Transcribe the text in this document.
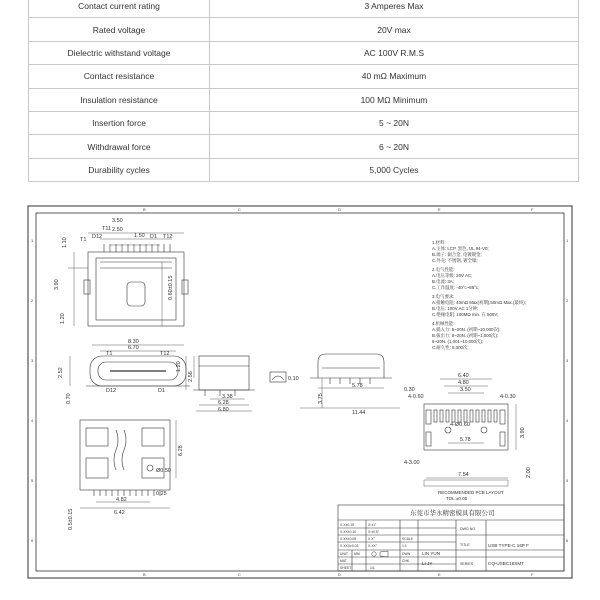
Contact current rating	3 Amperes Max
Rated voltage	20V max
Dielectric withstand voltage	AC 100V R.M.S
Contact resistance	40 mΩ Maximum
Insulation resistance	100 MΩ Minimum
Insertion force	5 ~ 20N
Withdrawal force	6 ~ 20N
Durability cycles	5,000 Cycles
B	C	D	E	F
B	C	D	E	F
1
2
3
4
5
6
1
2
3
4
5
6
3.50
2.50
1.50
T1 D12	D1 T12
T11
1.10
3.90	0.60±0.15
1.20
8.30
6.70
T1	T12
D12	D1
2.52	2.56
1.20
0.70
0.10
3.38
6.28
6.80
5.78
0.30
3.75
11.44
6.28
Ø0.50
4.82
0.25
6.42
0.5±0.15
6.40
4.80
3.50
4-0.60	4-0.30
4-Ø0.60
5.78
3.90
4-3.00
7.54	2.00
RECOMMENDED PCB LAYOUT
TOL:±0.05
1.材料:
A.主体: LCP, 黑色, UL 94-V0;
B.端子: 铜合金, 电镀镀金;
C.外壳: 不锈钢, 镀全镍;
2.电气性能:
A.电压等级: 20V AC;
B.电流: 3A;
C.工作温度: -40°c~85°c;
3.电气要求:
A.接触电阻: 40mΩ Max(初期),50mΩ Max.(最终);
B.电压: 100V AC 1分钟;
C.绝缘电阻: 100MΩ min. 在 500V;
4.机械性能:
A.插入力: 5~20N. (初期~10,000次);
B.拔出力: 8~20N. (初期~1,000次);
6~20N. (1,001~10,000次);
C.耐久性: 5,000次;
东莞市华永精密模具有限公司
X.X±0.15
X.XX±0.10
X.XX±0.05
X.XXX±0.03
X:±1°
X:±0.5°
X.X°
X.XX°
UNIT MM
MAT
SHEET	1/1
SCALE
1:1
DWN
CHK
LIN YUN
LI JY
DWG NO.
TITLE	USB TYPE-C 16P F
SERIES	CQ-USBC16SMT
